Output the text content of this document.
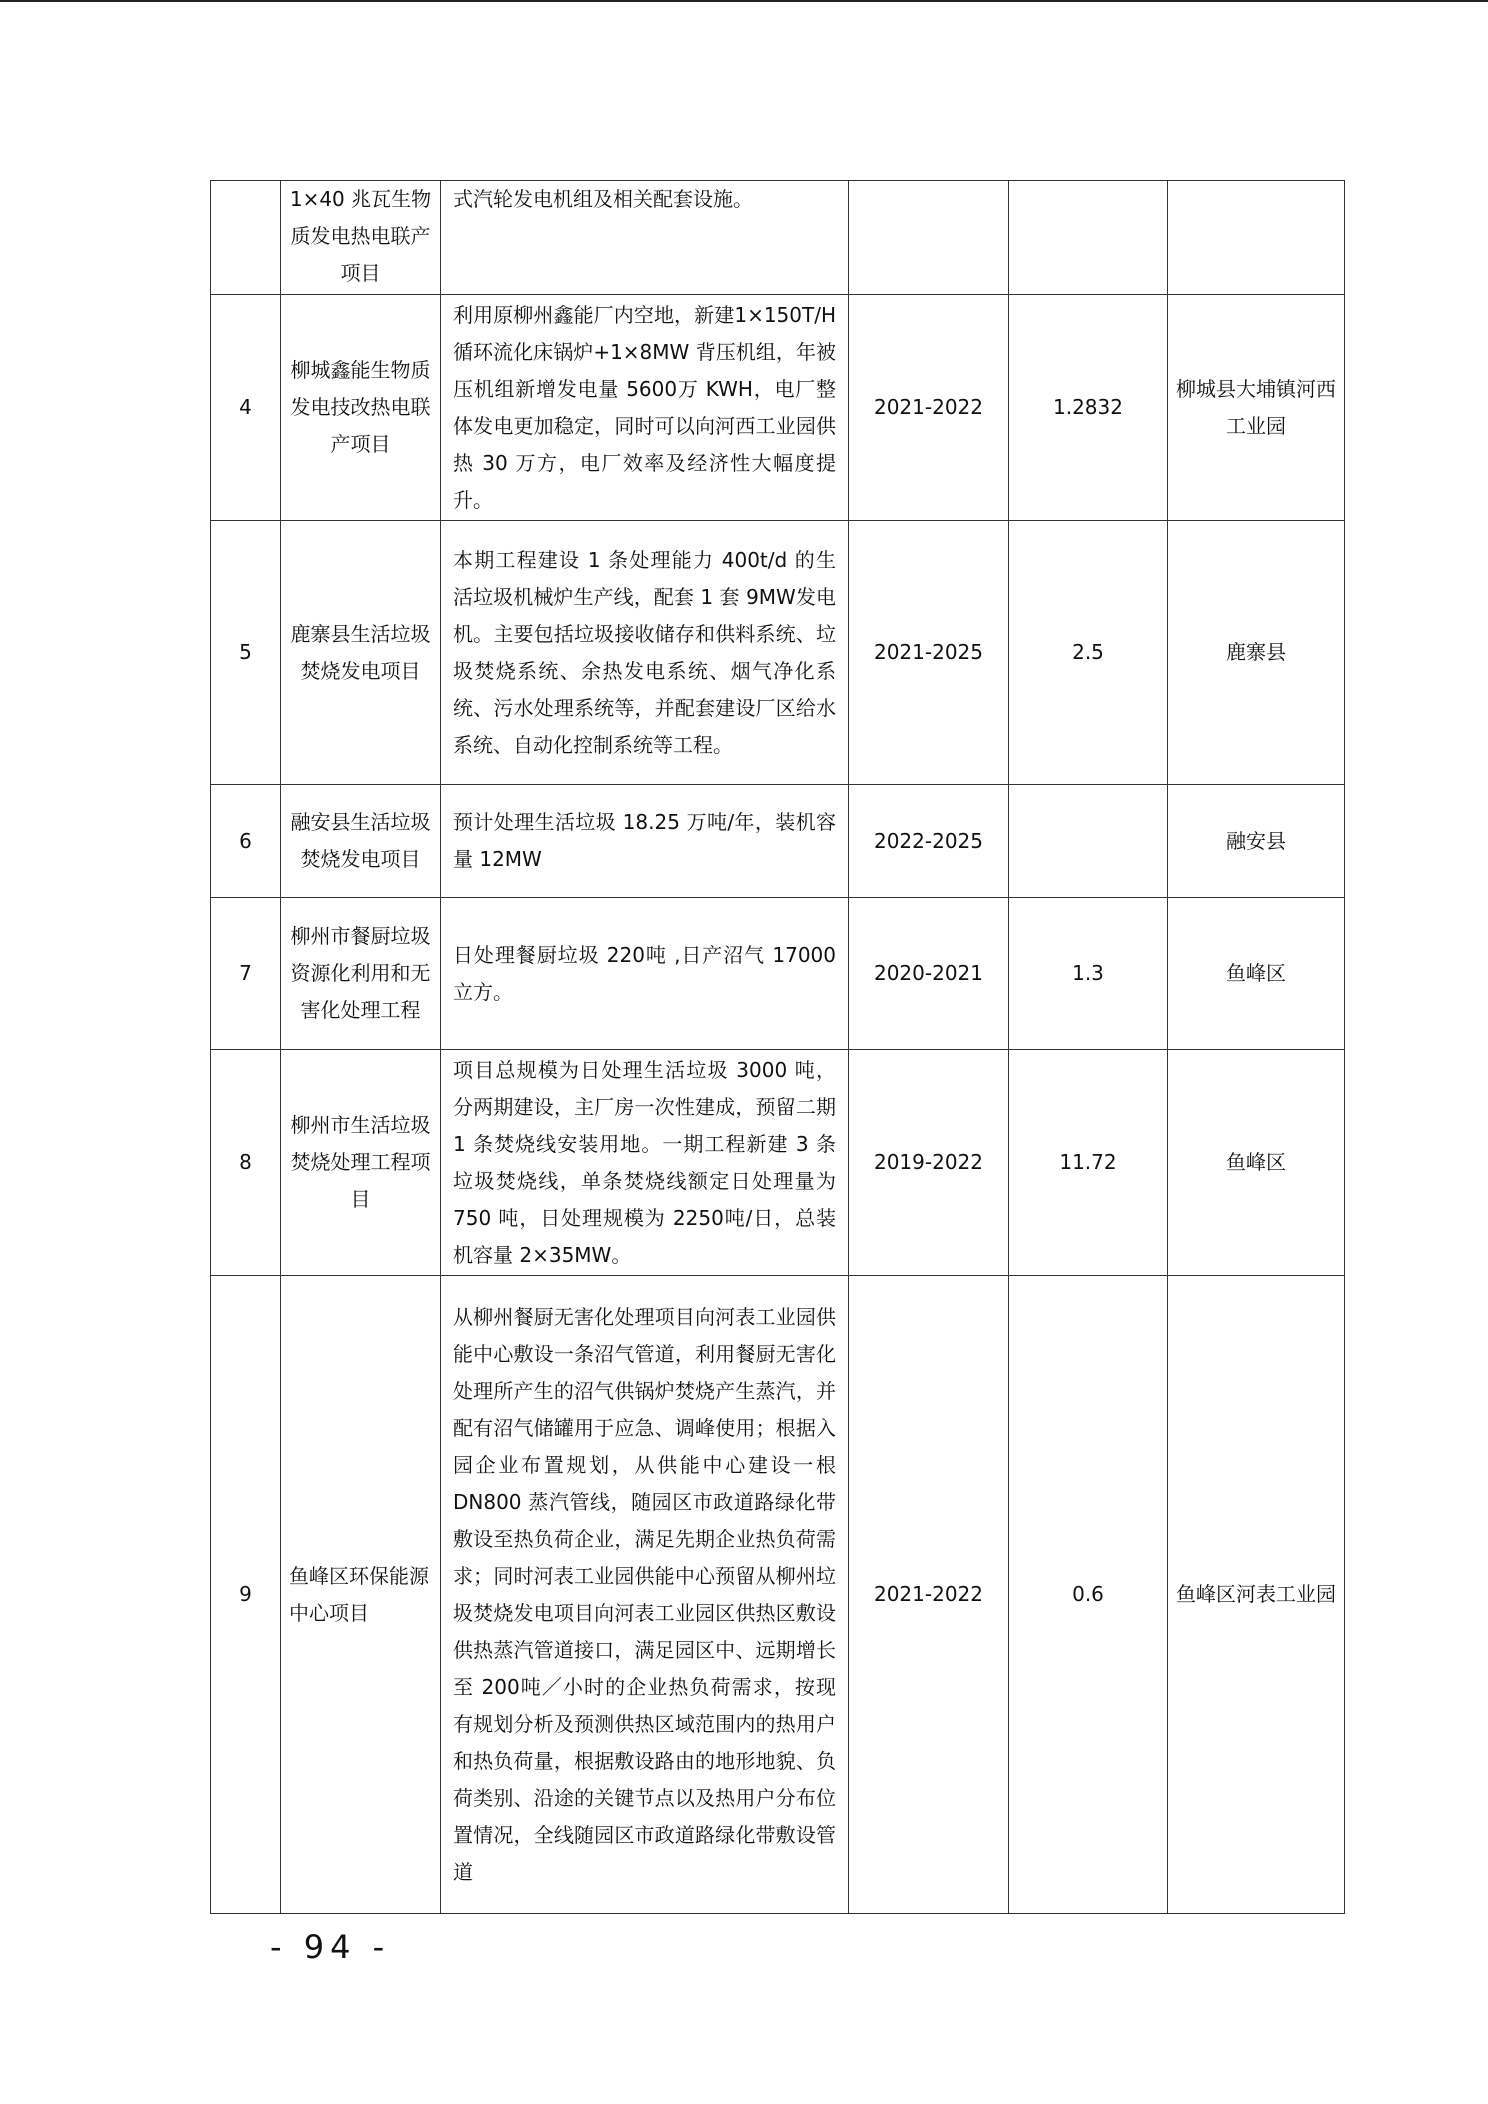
	1×40 兆瓦生物质发电热电联产项目	式汽轮发电机组及相关配套设施。			
4	柳城鑫能生物质发电技改热电联产项目	利用原柳州鑫能厂内空地，新建1×150T/H 循环流化床锅炉+1×8MW 背压机组，年被压机组新增发电量 5600万 KWH，电厂整体发电更加稳定，同时可以向河西工业园供热 30 万方，电厂效率及经济性大幅度提升。	2021-2022	1.2832	柳城县大埔镇河西工业园
5	鹿寨县生活垃圾焚烧发电项目	本期工程建设 1 条处理能力 400t/d 的生活垃圾机械炉生产线，配套 1 套 9MW发电机。主要包括垃圾接收储存和供料系统、垃圾焚烧系统、余热发电系统、烟气净化系统、污水处理系统等，并配套建设厂区给水系统、自动化控制系统等工程。	2021-2025	2.5	鹿寨县
6	融安县生活垃圾焚烧发电项目	预计处理生活垃圾 18.25 万吨/年，装机容量 12MW	2022-2025		融安县
7	柳州市餐厨垃圾资源化利用和无害化处理工程	日处理餐厨垃圾 220吨 ,日产沼气 17000立方。	2020-2021	1.3	鱼峰区
8	柳州市生活垃圾焚烧处理工程项目	项目总规模为日处理生活垃圾 3000 吨，分两期建设，主厂房一次性建成，预留二期 1 条焚烧线安装用地。一期工程新建 3 条垃圾焚烧线，单条焚烧线额定日处理量为 750 吨，日处理规模为 2250吨/日，总装机容量 2×35MW。	2019-2022	11.72	鱼峰区
9	鱼峰区环保能源中心项目	从柳州餐厨无害化处理项目向河表工业园供能中心敷设一条沼气管道，利用餐厨无害化处理所产生的沼气供锅炉焚烧产生蒸汽，并配有沼气储罐用于应急、调峰使用；根据入园企业布置规划，从供能中心建设一根 DN800 蒸汽管线，随园区市政道路绿化带敷设至热负荷企业，满足先期企业热负荷需求；同时河表工业园供能中心预留从柳州垃圾焚烧发电项目向河表工业园区供热区敷设供热蒸汽管道接口，满足园区中、远期增长至 200吨／小时的企业热负荷需求，按现有规划分析及预测供热区域范围内的热用户和热负荷量，根据敷设路由的地形地貌、负荷类别、沿途的关键节点以及热用户分布位置情况，全线随园区市政道路绿化带敷设管道	2021-2022	0.6	鱼峰区河表工业园
- 94 -
